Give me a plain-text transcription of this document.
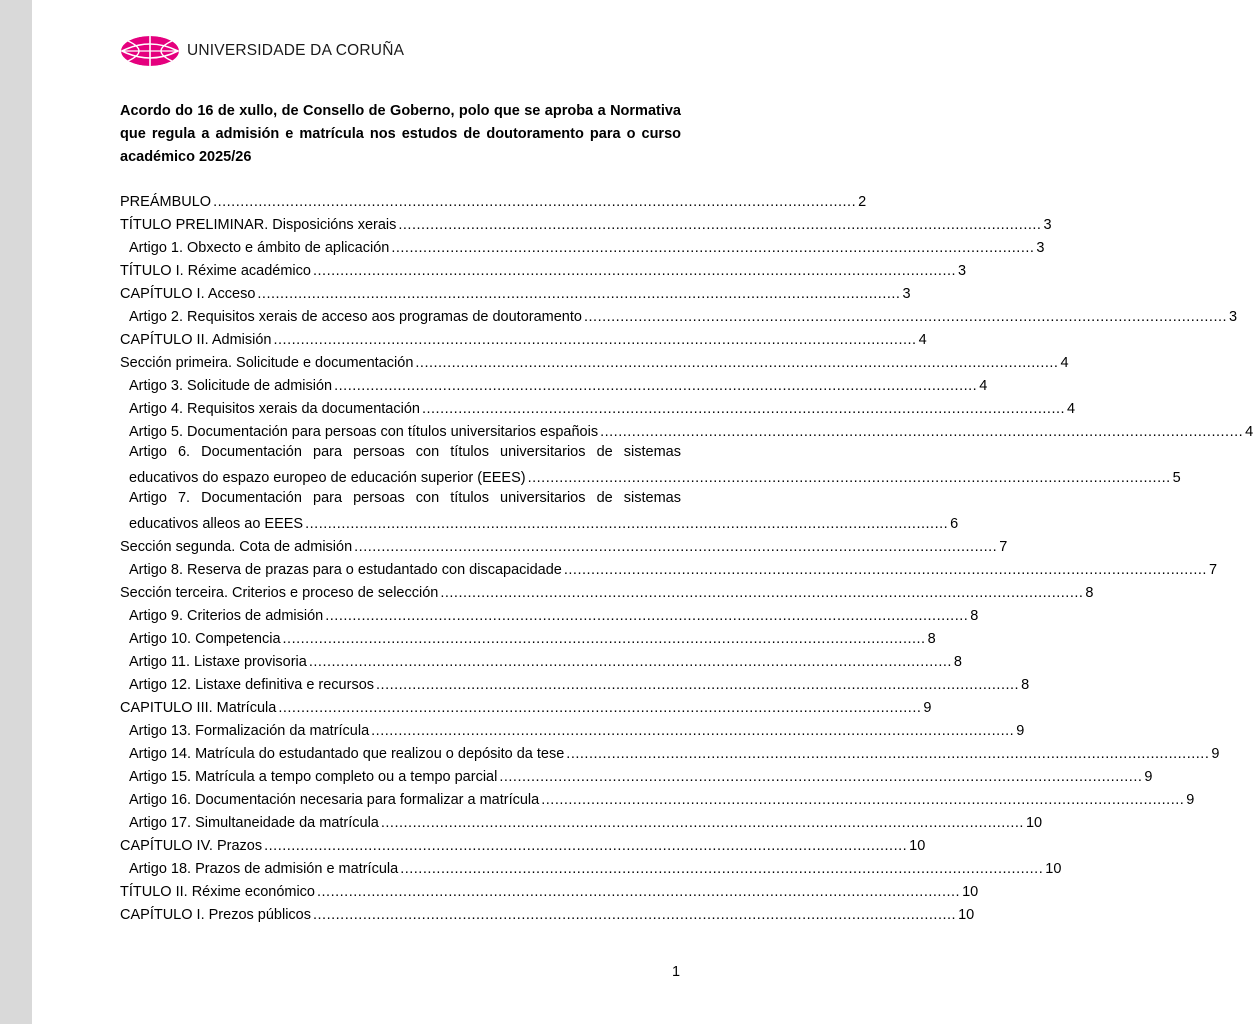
UNIVERSIDADE DA CORUÑA
Acordo do 16 de xullo, de Consello de Goberno, polo que se aproba a Normativa que regula a admisión e matrícula nos estudos de doutoramento para o curso académico 2025/26
PREÁMBULO .............................................................................................................................................. 2
TÍTULO PRELIMINAR. Disposicións xerais .............................................................................................................................................. 3
Artigo 1. Obxecto e ámbito de aplicación .............................................................................................................................................. 3
TÍTULO I. Réxime académico .............................................................................................................................................. 3
CAPÍTULO I. Acceso .............................................................................................................................................. 3
Artigo 2. Requisitos xerais de acceso aos programas de doutoramento .............................................................................................................................................. 3
CAPÍTULO II. Admisión .............................................................................................................................................. 4
Sección primeira. Solicitude e documentación .............................................................................................................................................. 4
Artigo 3. Solicitude de admisión .............................................................................................................................................. 4
Artigo 4. Requisitos xerais da documentación .............................................................................................................................................. 4
Artigo 5. Documentación para persoas con títulos universitarios españois .............................................................................................................................................. 4
Artigo 6. Documentación para persoas con títulos universitarios de sistemas
educativos do espazo europeo de educación superior (EEES) .............................................................................................................................................. 5
Artigo 7. Documentación para persoas con títulos universitarios de sistemas
educativos alleos ao EEES .............................................................................................................................................. 6
Sección segunda. Cota de admisión .............................................................................................................................................. 7
Artigo 8. Reserva de prazas para o estudantado con discapacidade .............................................................................................................................................. 7
Sección terceira. Criterios e proceso de selección .............................................................................................................................................. 8
Artigo 9. Criterios de admisión .............................................................................................................................................. 8
Artigo 10. Competencia .............................................................................................................................................. 8
Artigo 11. Listaxe provisoria .............................................................................................................................................. 8
Artigo 12. Listaxe definitiva e recursos .............................................................................................................................................. 8
CAPITULO III. Matrícula .............................................................................................................................................. 9
Artigo 13. Formalización da matrícula .............................................................................................................................................. 9
Artigo 14. Matrícula do estudantado que realizou o depósito da tese .............................................................................................................................................. 9
Artigo 15. Matrícula a tempo completo ou a tempo parcial .............................................................................................................................................. 9
Artigo 16. Documentación necesaria para formalizar a matrícula .............................................................................................................................................. 9
Artigo 17. Simultaneidade da matrícula .............................................................................................................................................. 10
CAPÍTULO IV. Prazos .............................................................................................................................................. 10
Artigo 18. Prazos de admisión e matrícula .............................................................................................................................................. 10
TÍTULO II. Réxime económico .............................................................................................................................................. 10
CAPÍTULO I. Prezos públicos .............................................................................................................................................. 10
1
